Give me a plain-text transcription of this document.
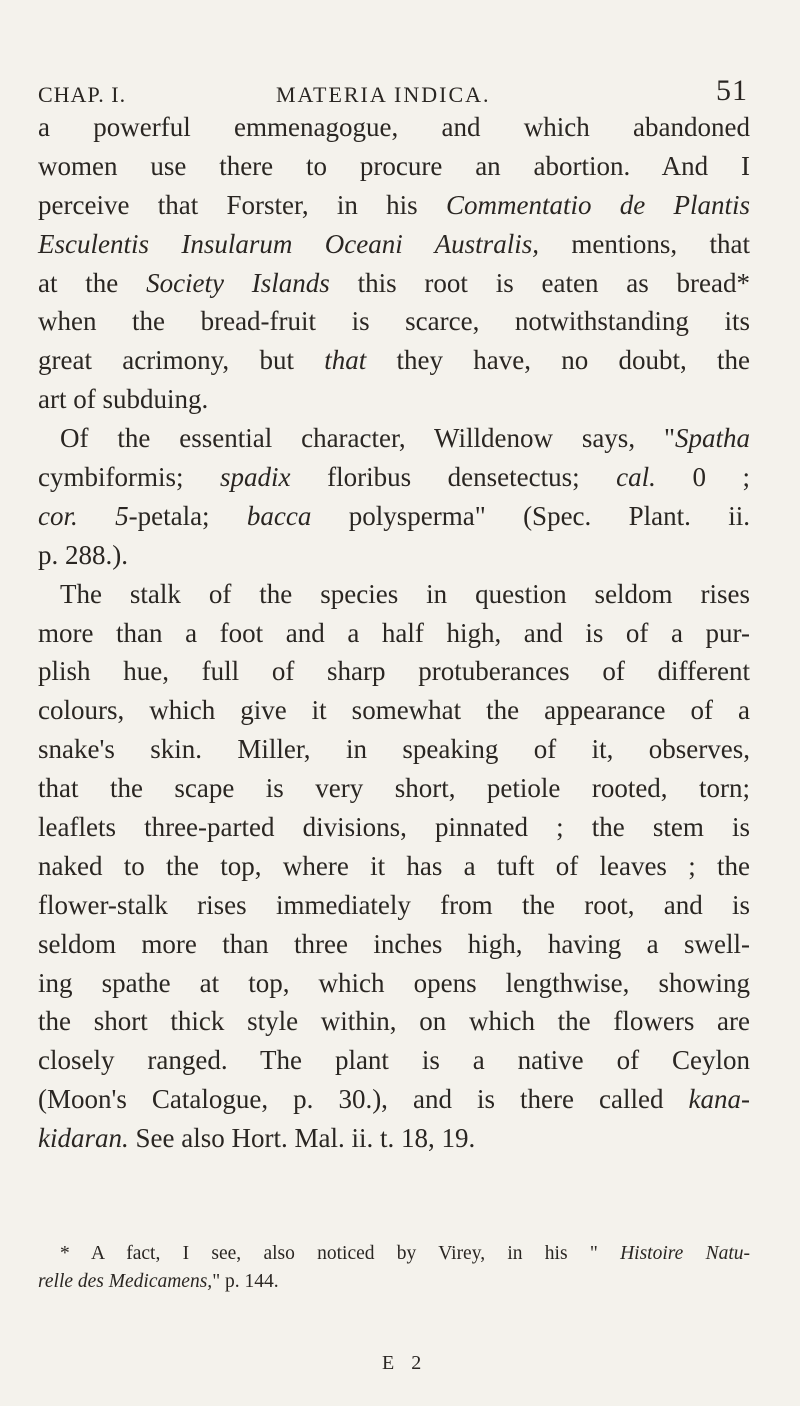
CHAP. I.	MATERIA INDICA.	51
a powerful emmenagogue, and which abandoned
women use there to procure an abortion. And I
perceive that Forster, in his Commentatio de Plantis
Esculentis Insularum Oceani Australis, mentions, that
at the Society Islands this root is eaten as bread*
when the bread-fruit is scarce, notwithstanding its
great acrimony, but that they have, no doubt, the
art of subduing.
Of the essential character, Willdenow says, "Spatha
cymbiformis; spadix floribus densetectus; cal. 0 ;
cor. 5-petala; bacca polysperma" (Spec. Plant. ii.
p. 288.).
The stalk of the species in question seldom rises
more than a foot and a half high, and is of a pur-
plish hue, full of sharp protuberances of different
colours, which give it somewhat the appearance of a
snake's skin. Miller, in speaking of it, observes,
that the scape is very short, petiole rooted, torn;
leaflets three-parted divisions, pinnated ; the stem is
naked to the top, where it has a tuft of leaves ; the
flower-stalk rises immediately from the root, and is
seldom more than three inches high, having a swell-
ing spathe at top, which opens lengthwise, showing
the short thick style within, on which the flowers are
closely ranged. The plant is a native of Ceylon
(Moon's Catalogue, p. 30.), and is there called kana-
kidaran. See also Hort. Mal. ii. t. 18, 19.
* A fact, I see, also noticed by Virey, in his " Histoire Natu-
relle des Medicamens," p. 144.
E 2
